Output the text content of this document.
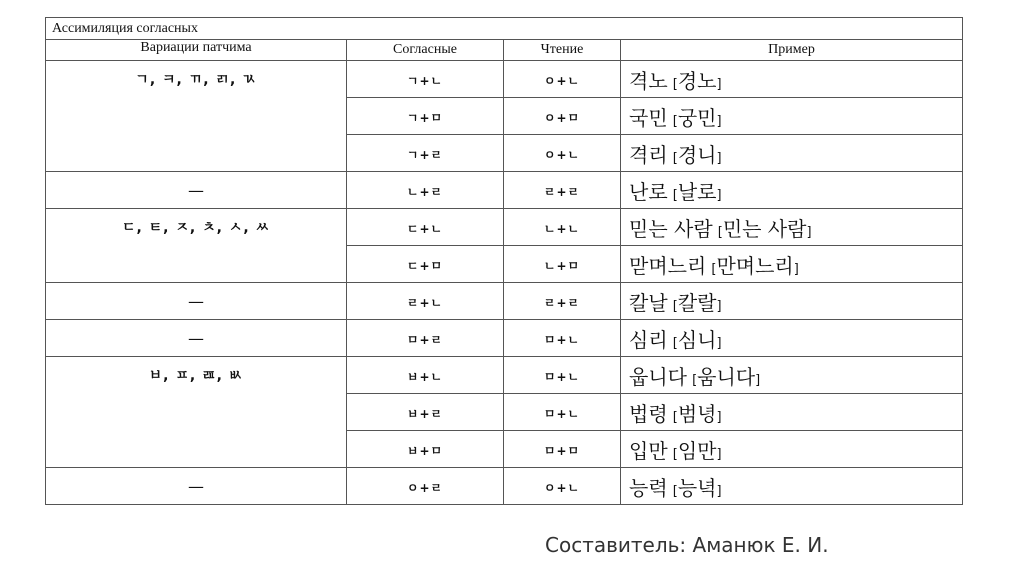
Ассимиляция согласных
Вариации патчима	Согласные	Чтение	Пример
ㄱ, ㅋ, ㄲ, ㄺ, ㄳ	ㄱ+ㄴ	ㅇ+ㄴ	격노 [경노]
	ㄱ+ㅁ	ㅇ+ㅁ	국민 [궁민]
	ㄱ+ㄹ	ㅇ+ㄴ	격리 [경니]
—	ㄴ+ㄹ	ㄹ+ㄹ	난로 [날로]
ㄷ, ㅌ, ㅈ, ㅊ, ㅅ, ㅆ	ㄷ+ㄴ	ㄴ+ㄴ	믿는 사람 [민는 사람]
	ㄷ+ㅁ	ㄴ+ㅁ	맏며느리 [만며느리]
—	ㄹ+ㄴ	ㄹ+ㄹ	칼날 [칼랄]
—	ㅁ+ㄹ	ㅁ+ㄴ	심리 [심니]
ㅂ, ㅍ, ㄿ, ㅄ	ㅂ+ㄴ	ㅁ+ㄴ	웁니다 [움니다]
	ㅂ+ㄹ	ㅁ+ㄴ	법령 [범녕]
	ㅂ+ㅁ	ㅁ+ㅁ	입만 [임만]
—	ㅇ+ㄹ	ㅇ+ㄴ	능력 [능녁]
Составитель: Аманюк Е. И.
